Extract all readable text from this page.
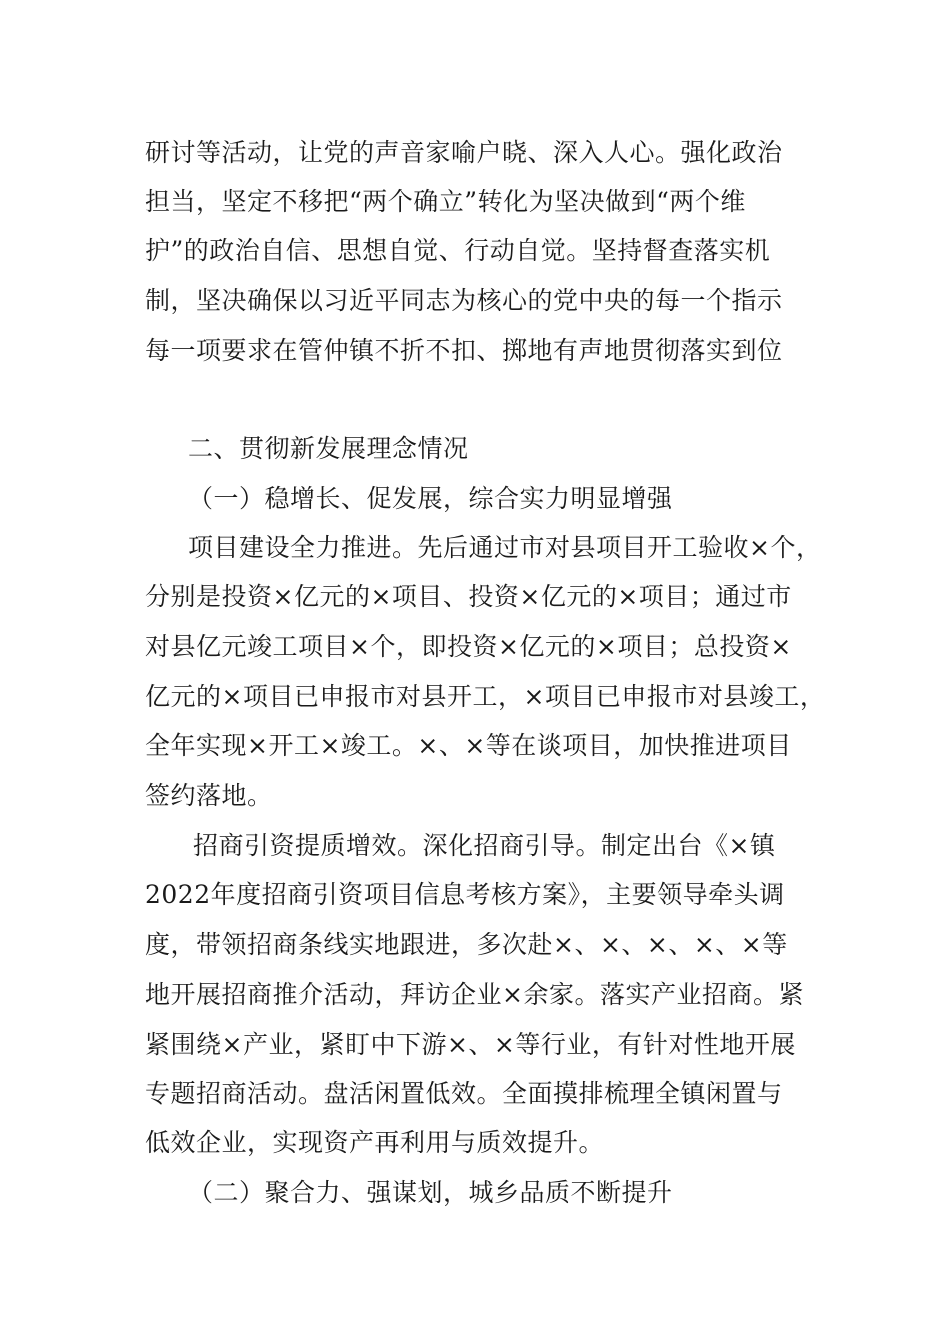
研讨等活动，让党的声音家喻户晓、深入人心。强化政治

担当，坚定不移把“两个确立”转化为坚决做到“两个维

护”的政治自信、思想自觉、行动自觉。坚持督查落实机

制，坚决确保以习近平同志为核心的党中央的每一个指示

每一项要求在管仲镇不折不扣、掷地有声地贯彻落实到位

二、贯彻新发展理念情况

（一）稳增长、促发展，综合实力明显增强

项目建设全力推进。先后通过市对县项目开工验收×个，

分别是投资×亿元的×项目、投资×亿元的×项目；通过市

对县亿元竣工项目×个，即投资×亿元的×项目；总投资×

亿元的×项目已申报市对县开工，×项目已申报市对县竣工，

全年实现×开工×竣工。×、×等在谈项目，加快推进项目

签约落地。

招商引资提质增效。深化招商引导。制定出台《×镇

2022年度招商引资项目信息考核方案》，主要领导牵头调

度，带领招商条线实地跟进，多次赴×、×、×、×、×等

地开展招商推介活动，拜访企业×余家。落实产业招商。紧

紧围绕×产业，紧盯中下游×、×等行业，有针对性地开展

专题招商活动。盘活闲置低效。全面摸排梳理全镇闲置与

低效企业，实现资产再利用与质效提升。

（二）聚合力、强谋划，城乡品质不断提升
